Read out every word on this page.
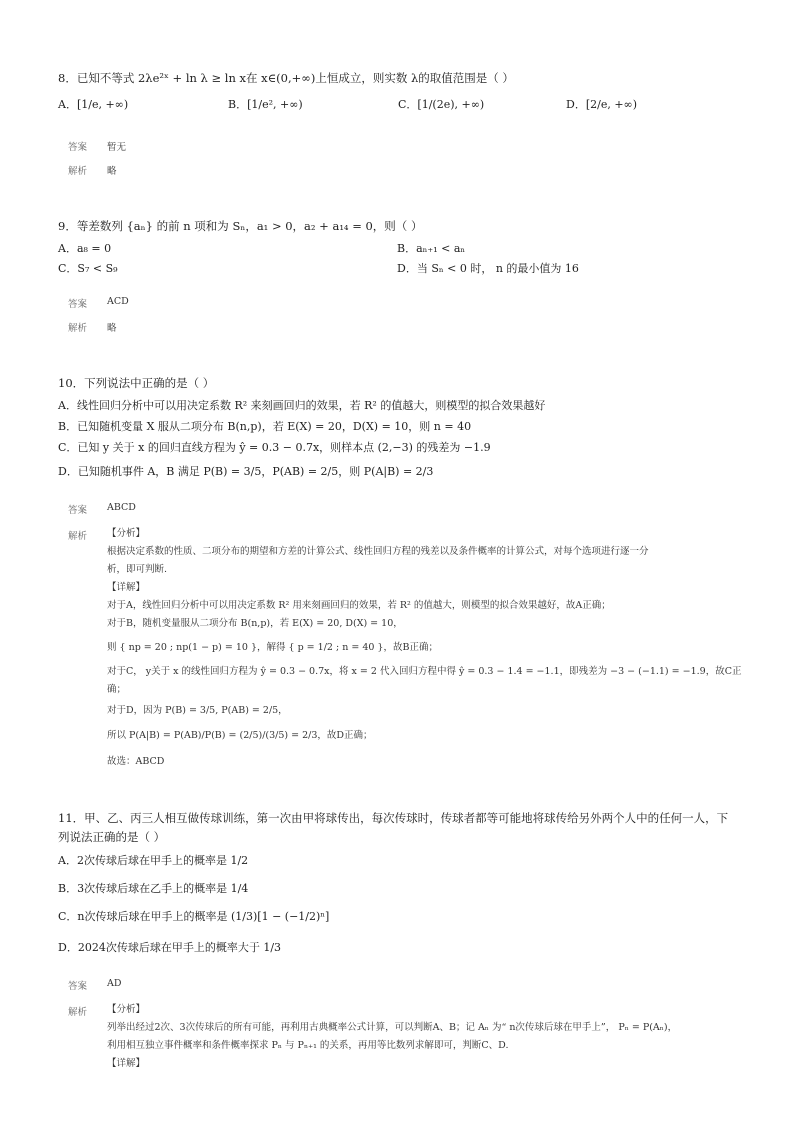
8．已知不等式 2λe²ˣ + ln λ ≥ ln x在 x∈(0,+∞)上恒成立，则实数 λ的取值范围是（ ）
A．[1/e, +∞)	B．[1/e², +∞)	C．[1/(2e), +∞)	D．[2/e, +∞)
答案 暂无
解析 略
9．等差数列 {aₙ} 的前 n 项和为 Sₙ，a₁ > 0，a₂ + a₁₄ = 0，则（ ）
A．a₈ = 0	B．aₙ₊₁ < aₙ
C．S₇ < S₉	D．当 Sₙ < 0 时， n 的最小值为 16
答案 ACD
解析 略
10．下列说法中正确的是（ ）
A．线性回归分析中可以用决定系数 R² 来刻画回归的效果，若 R² 的值越大，则模型的拟合效果越好
B．已知随机变量 X 服从二项分布 B(n,p)，若 E(X) = 20，D(X) = 10，则 n = 40
C．已知 y 关于 x 的回归直线方程为 ŷ = 0.3 − 0.7x，则样本点 (2,−3) 的残差为 −1.9
D．已知随机事件 A，B 满足 P(B) = 3/5，P(AB) = 2/5，则 P(A|B) = 2/3
答案 ABCD
解析 【分析】
根据决定系数的性质、二项分布的期望和方差的计算公式、线性回归方程的残差以及条件概率的计算公式，对每个选项进行逐一分
析，即可判断.
【详解】
对于A，线性回归分析中可以用决定系数 R² 用来刻画回归的效果，若 R² 的值越大，则模型的拟合效果越好，故A正确；
对于B，随机变量服从二项分布 B(n,p)，若 E(X) = 20, D(X) = 10，
则 { np = 20 ; np(1 − p) = 10 }，解得 { p = 1/2 ; n = 40 }，故B正确；
对于C， y关于 x 的线性回归方程为 ŷ = 0.3 − 0.7x，将 x = 2 代入回归方程中得 ŷ = 0.3 − 1.4 = −1.1，即残差为 −3 − (−1.1) = −1.9，故C正
确；
对于D，因为 P(B) = 3/5, P(AB) = 2/5，
所以 P(A|B) = P(AB)/P(B) = (2/5)/(3/5) = 2/3，故D正确；
故选：ABCD
11．甲、乙、丙三人相互做传球训练，第一次由甲将球传出，每次传球时，传球者都等可能地将球传给另外两个人中的任何一人，下
列说法正确的是（ ）
A．2次传球后球在甲手上的概率是 1/2
B．3次传球后球在乙手上的概率是 1/4
C．n次传球后球在甲手上的概率是 (1/3)[1 − (−1/2)ⁿ]
D．2024次传球后球在甲手上的概率大于 1/3
答案 AD
解析 【分析】
列举出经过2次、3次传球后的所有可能，再利用古典概率公式计算，可以判断A、B；记 Aₙ 为“ n次传球后球在甲手上”， Pₙ = P(Aₙ)，
利用相互独立事件概率和条件概率探求 Pₙ 与 Pₙ₊₁ 的关系，再用等比数列求解即可，判断C、D.
【详解】
